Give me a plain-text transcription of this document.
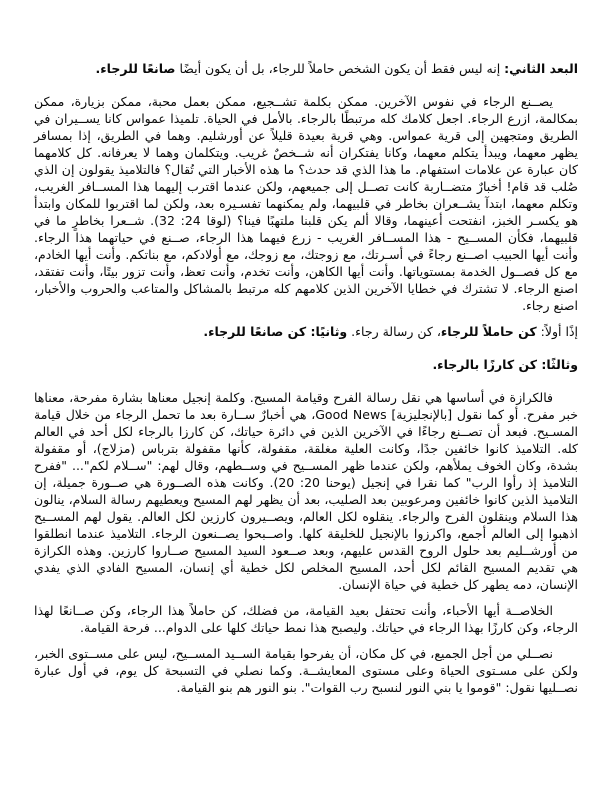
البعد الثاني: إنه ليس فقط أن يكون الشخص حاملاً للرجاء، بل أن يكون أيضًا صانعًا للرجاء.

يصــنع الرجاء في نفوس الآخرين. ممكن بكلمة تشــجيع، ممكن بعمل محبة، ممكن بزيارة، ممكن بمكالمة، ازرع الرجاء. اجعل كلامك كله مرتبطًا بالرجاء. بالأمل في الحياة. تلميذا عمواس كانا يســيران في الطريق ومتجهين إلى قرية عمواس. وهي قرية بعيدة قليلاً عن أورشليم. وهما في الطريق، إذا بمسافر يظهر معهما، ويبدأ يتكلم معهما، وكانا يفتكران أنه شــخصٌ غريب. ويتكلمان وهما لا يعرفانه. كل كلامهما كان عبارة عن علامات استفهام. ما هذا الذي قد حدث؟ ما هذه الأخبار التي تُقال؟ فالتلاميذ يقولون إن الذي صُلب قد قام! أخبارٌ متضــاربة كانت تصــل إلى جميعهم، ولكن عندما اقترب إليهما هذا المســافر الغريب، وتكلم معهما، ابتدآ يشــعران بخاطر في قلبيهما، ولم يمكنهما تفسـيره بعد، ولكن لما اقتربوا للمكان وابتدأ هو يكسـر الخبز، انفتحت أعينهما، وقالا ألم يكن قلبنا ملتهبًا فينا؟ (لوقا 24: 32). شــعرا بخاطرٍ ما في قلبيهما، فكأن المســيح - هذا المســافر الغريب - زرع فيهما هذا الرجاء، صــنع في حياتهما هذا الرجاء. وأنت أيها الحبيب اصــنع رجاءً في أسـرتك، مع زوجتك، مع زوجك، مع أولادكم، مع بناتكم. وأنت أيها الخادم، مع كل فصــول الخدمة بمستوياتها. وأنت أيها الكاهن، وأنت تخدم، وأنت تعظ، وأنت تزور بيتًا، وأنت تفتقد، اصنع الرجاء. لا تشترك في خطايا الآخرين الذين كلامهم كله مرتبط بالمشاكل والمتاعب والحروب والأخبار، اصنع رجاء.

إذًا أولاً: كن حاملاً للرجاء، كن رسالة رجاء. وثانيًا: كن صانعًا للرجاء.

وثالثًا: كن كارزًا بالرجاء.

فالكرازة في أساسها هي نقل رسالة الفرح وقيامة المسيح. وكلمة إنجيل معناها بشارة مفرحة، معناها خبر مفرح. أو كما نقول [بالإنجليزية] Good News، هي أخبارٌ ســارة بعد ما تحمل الرجاء من خلال قيامة المسـيح. فبعد أن تصــنع رجاءًا في الآخرين الذين في دائرة حياتك، كن كارزا بالرجاء لكل أحد في العالم كله. التلاميذ كانوا خائفين جدًا، وكانت العلية مغلقة، مقفولة، كأنها مقفولة بترباس (مزلاج)، أو مقفولة بشدة، وكان الخوف يملأهم، ولكن عندما ظهر المســيح في وســطهم، وقال لهم: "ســلام لكم"... "ففرح التلاميذ إذ رأوا الرب" كما نقرا في إنجيل (يوحنا 20: 20). وكانت هذه الصــورة هي صــورة جميلة، إن التلاميذ الذين كانوا خائفين ومرعوبين بعد الصليب، بعد أن يظهر لهم المسيح ويعطيهم رسالة السلام، ينالون هذا السلام وينقلون الفرح والرجاء. ينقلوه لكل العالم، ويصــيرون كارزين لكل العالم. يقول لهم المســيح اذهبوا إلى العالم أجمع، واكرزوا بالإنجيل للخليقة كلها. واصــبحوا يصــنعون الرجاء. التلاميذ عندما انطلقوا من أورشــليم بعد حلول الروح القدس عليهم، وبعد صــعود السيد المسيح صــاروا كارزين. وهذه الكرازة هي تقديم المسيح القائم لكل أحد، المسيح المخلص لكل خطية أي إنسان، المسيح الفادي الذي يفدي الإنسان، دمه يطهر كل خطية في حياة الإنسان.

الخلاصــة أيها الأحباء، وأنت تحتفل بعيد القيامة، من فضلك، كن حاملاً هذا الرجاء، وكن صــانعًا لهذا الرجاء، وكن كارزًا بهذا الرجاء في حياتك. وليصبح هذا نمط حياتك كلها على الدوام... فرحة القيامة.

نصــلي من أجل الجميع، في كل مكان، أن يفرحوا بقيامة الســيد المســيح، ليس على مســتوى الخبر، ولكن على مسـتوى الحياة وعلى مستوى المعايشــة. وكما نصلي في التسبحة كل يوم، في أول عبارة نصــليها نقول: "قوموا يا بني النور لنسبح رب القوات". بنو النور هم بنو القيامة.
